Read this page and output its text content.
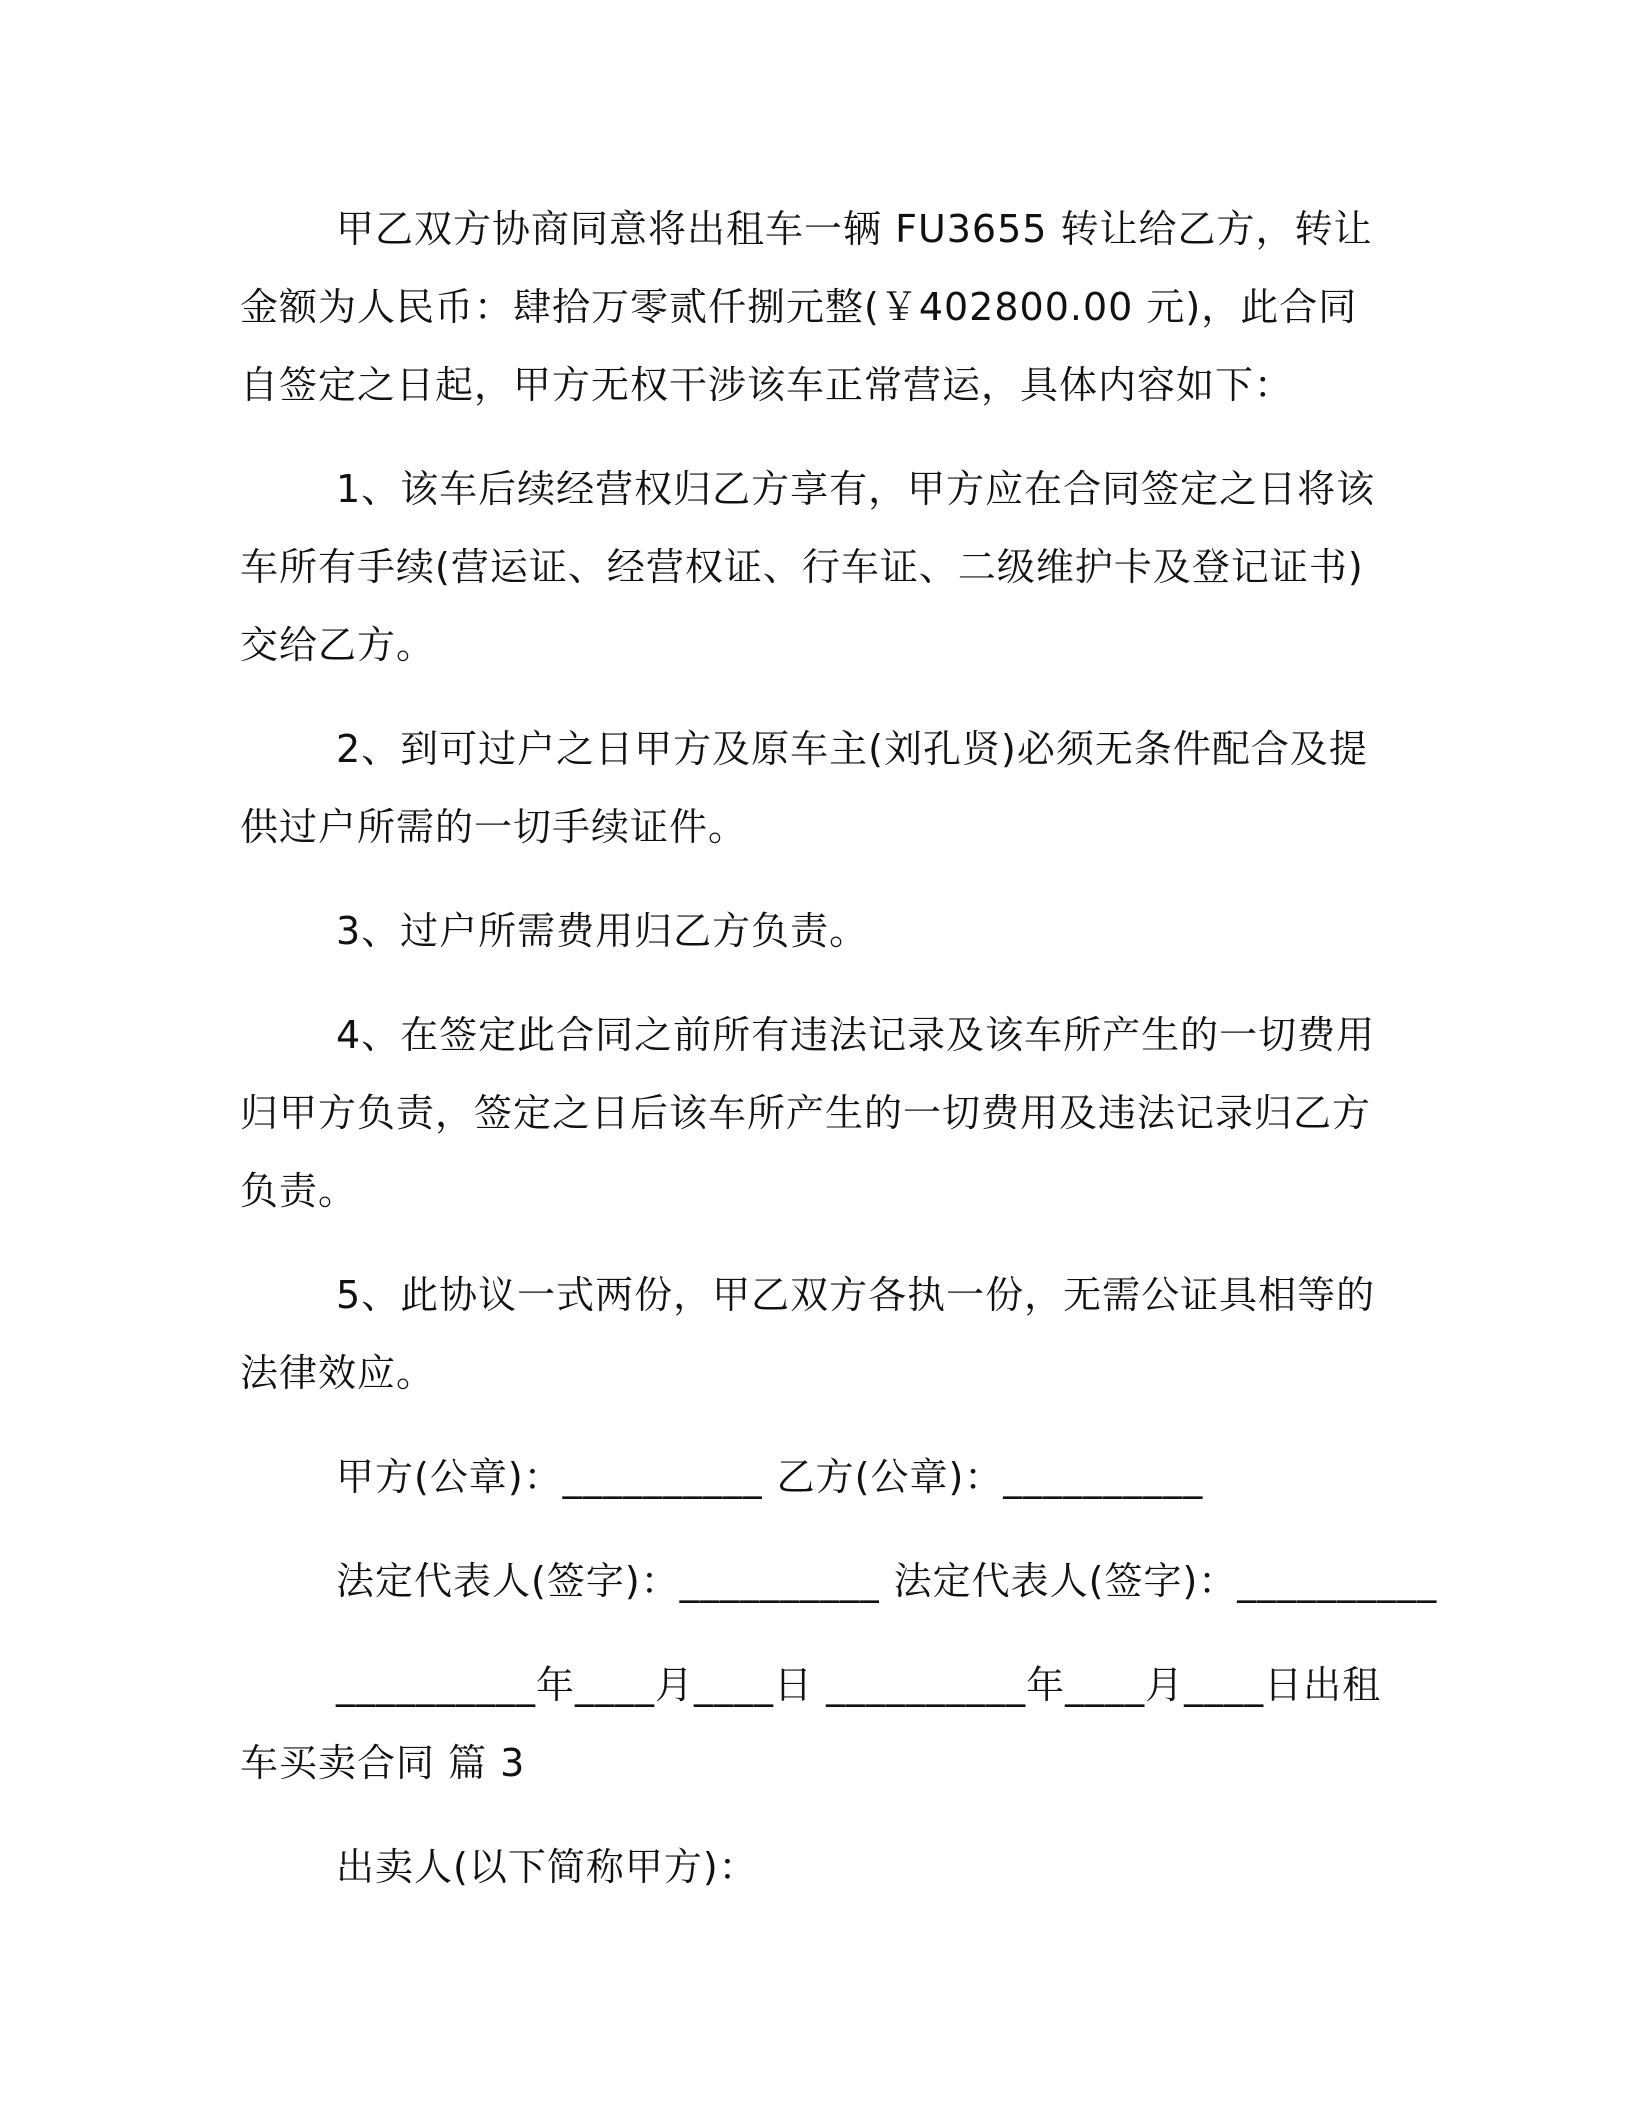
甲乙双方协商同意将出租车一辆 FU3655 转让给乙方，转让金额为人民币：肆拾万零贰仟捌元整(￥402800.00 元)，此合同自签定之日起，甲方无权干涉该车正常营运，具体内容如下：

1、该车后续经营权归乙方享有，甲方应在合同签定之日将该车所有手续(营运证、经营权证、行车证、二级维护卡及登记证书)交给乙方。

2、到可过户之日甲方及原车主(刘孔贤)必须无条件配合及提供过户所需的一切手续证件。

3、过户所需费用归乙方负责。

4、在签定此合同之前所有违法记录及该车所产生的一切费用归甲方负责，签定之日后该车所产生的一切费用及违法记录归乙方负责。

5、此协议一式两份，甲乙双方各执一份，无需公证具相等的法律效应。

甲方(公章)：__________ 乙方(公章)：__________
法定代表人(签字)：__________ 法定代表人(签字)：__________

__________年____月____日 __________年____月____日出租车买卖合同 篇 3

出卖人(以下简称甲方)：
